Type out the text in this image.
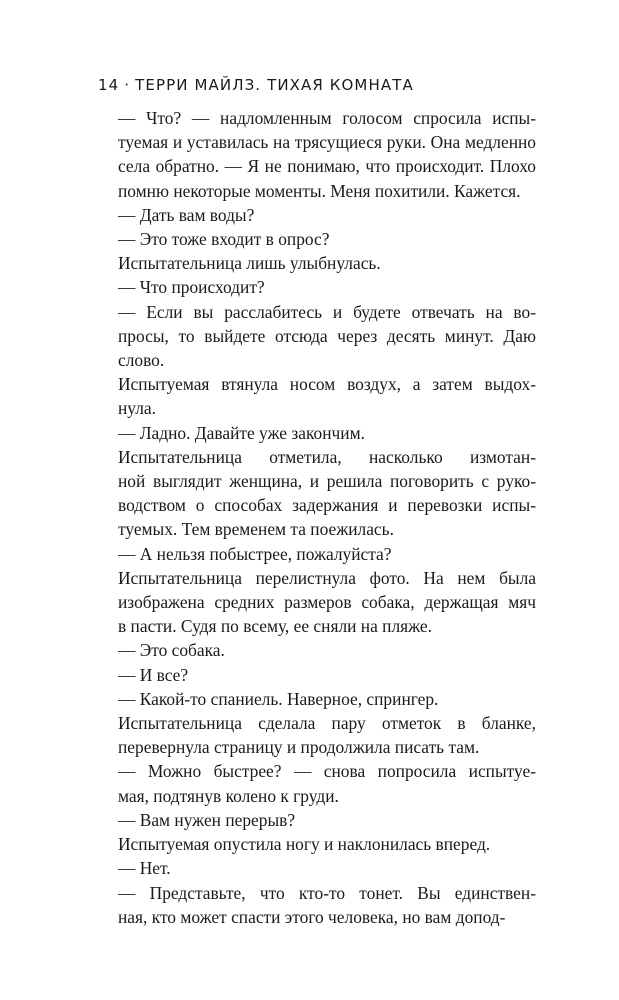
14 · ТЕРРИ МАЙЛЗ. ТИХАЯ КОМНАТА

— Что? — надломленным голосом спросила испы-
туемая и уставилась на трясущиеся руки. Она медленно
села обратно. — Я не понимаю, что происходит. Плохо
помню некоторые моменты. Меня похитили. Кажется.

— Дать вам воды?

— Это тоже входит в опрос?

Испытательница лишь улыбнулась.

— Что происходит?

— Если вы расслабитесь и будете отвечать на во-
просы, то выйдете отсюда через десять минут. Даю
слово.

Испытуемая втянула носом воздух, а затем выдох-
нула.

— Ладно. Давайте уже закончим.

Испытательница отметила, насколько измотан-
ной выглядит женщина, и решила поговорить с руко-
водством о способах задержания и перевозки испы-
туемых. Тем временем та поежилась.

— А нельзя побыстрее, пожалуйста?

Испытательница перелистнула фото. На нем была
изображена средних размеров собака, держащая мяч
в пасти. Судя по всему, ее сняли на пляже.

— Это собака.

— И все?

— Какой-то спаниель. Наверное, спрингер.

Испытательница сделала пару отметок в бланке,
перевернула страницу и продолжила писать там.

— Можно быстрее? — снова попросила испытуе-
мая, подтянув колено к груди.

— Вам нужен перерыв?

Испытуемая опустила ногу и наклонилась вперед.

— Нет.

— Представьте, что кто-то тонет. Вы единствен-
ная, кто может спасти этого человека, но вам допод-
